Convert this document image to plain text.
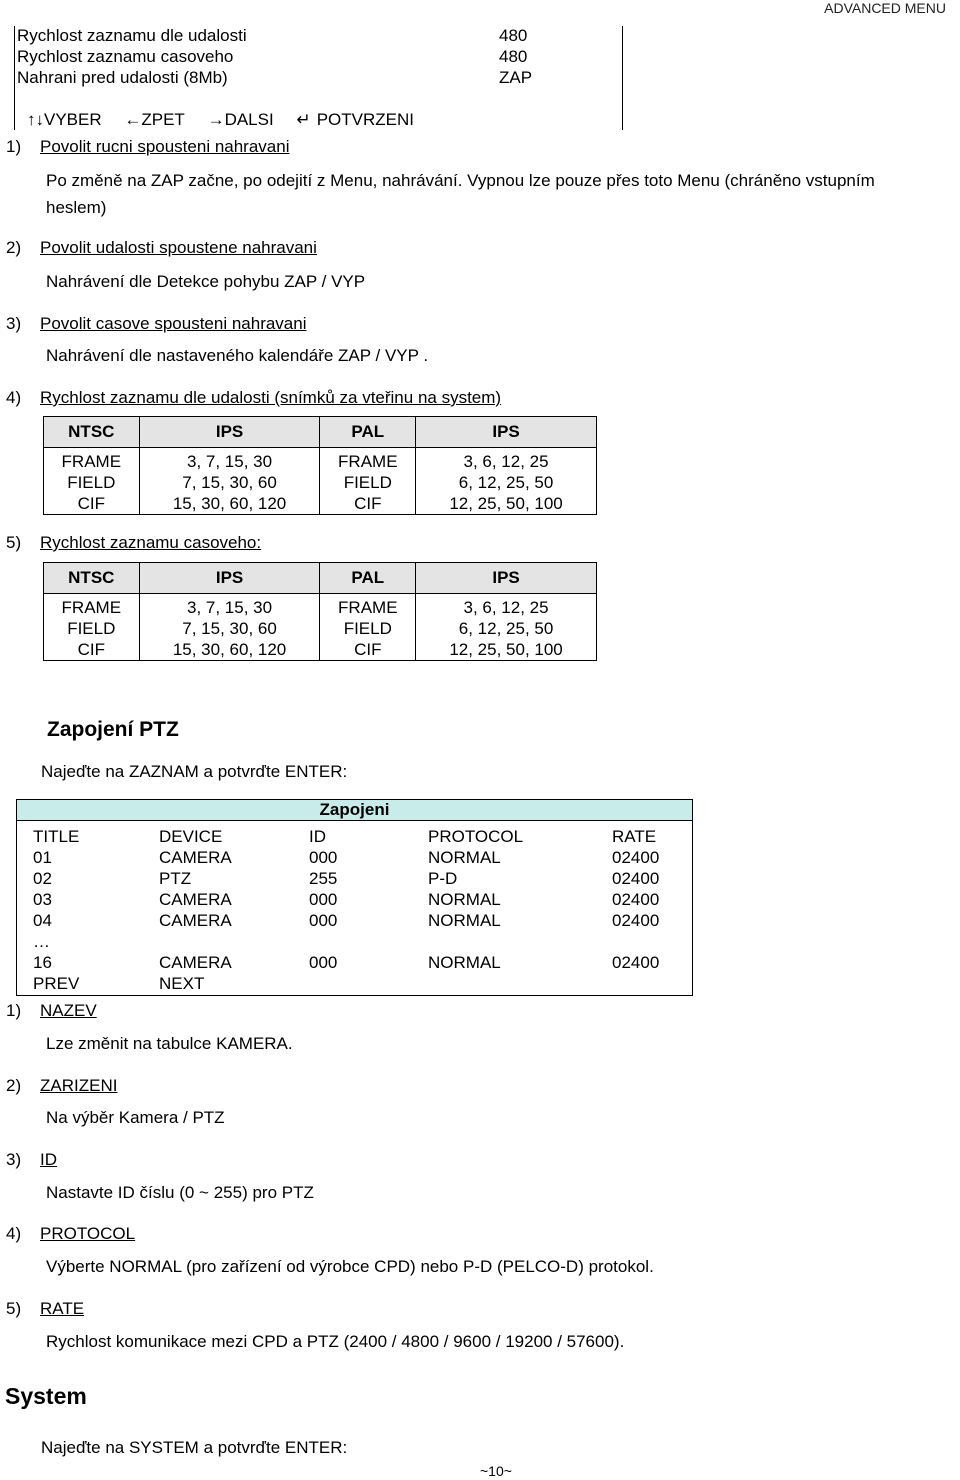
ADVANCED MENU
Rychlost zaznamu dle udalosti	480
Rychlost zaznamu casoveho	480
Nahrani pred udalosti (8Mb)	ZAP
↑↓VYBER ←ZPET →DALSI ↵ POTVRZENI
1) Povolit rucni spousteni nahravani
Po změně na ZAP začne, po odejití z Menu, nahrávání. Vypnou lze pouze přes toto Menu (chráněno vstupním
heslem)
2) Povolit udalosti spoustene nahravani
Nahrávení dle Detekce pohybu ZAP / VYP
3) Povolit casove spousteni nahravani
Nahrávení dle nastaveného kalendáře ZAP / VYP .
4) Rychlost zaznamu dle udalosti (snímků za vteřinu na system)
NTSC	IPS	PAL	IPS
FRAME	3, 7, 15, 30	FRAME	3, 6, 12, 25
FIELD	7, 15, 30, 60	FIELD	6, 12, 25, 50
CIF	15, 30, 60, 120	CIF	12, 25, 50, 100
5) Rychlost zaznamu casoveho:
NTSC	IPS	PAL	IPS
FRAME	3, 7, 15, 30	FRAME	3, 6, 12, 25
FIELD	7, 15, 30, 60	FIELD	6, 12, 25, 50
CIF	15, 30, 60, 120	CIF	12, 25, 50, 100
Zapojení PTZ
Najeďte na ZAZNAM a potvrďte ENTER:
Zapojeni
TITLE	DEVICE	ID	PROTOCOL	RATE
01	CAMERA	000	NORMAL	02400
02	PTZ	255	P-D	02400
03	CAMERA	000	NORMAL	02400
04	CAMERA	000	NORMAL	02400
…
16	CAMERA	000	NORMAL	02400
PREV	NEXT
1) NAZEV
Lze změnit na tabulce KAMERA.
2) ZARIZENI
Na výběr Kamera / PTZ
3) ID
Nastavte ID číslu (0 ~ 255) pro PTZ
4) PROTOCOL
Výberte NORMAL (pro zařízení od výrobce CPD) nebo P-D (PELCO-D) protokol.
5) RATE
Rychlost komunikace mezi CPD a PTZ (2400 / 4800 / 9600 / 19200 / 57600).
System
Najeďte na SYSTEM a potvrďte ENTER:
~10~
